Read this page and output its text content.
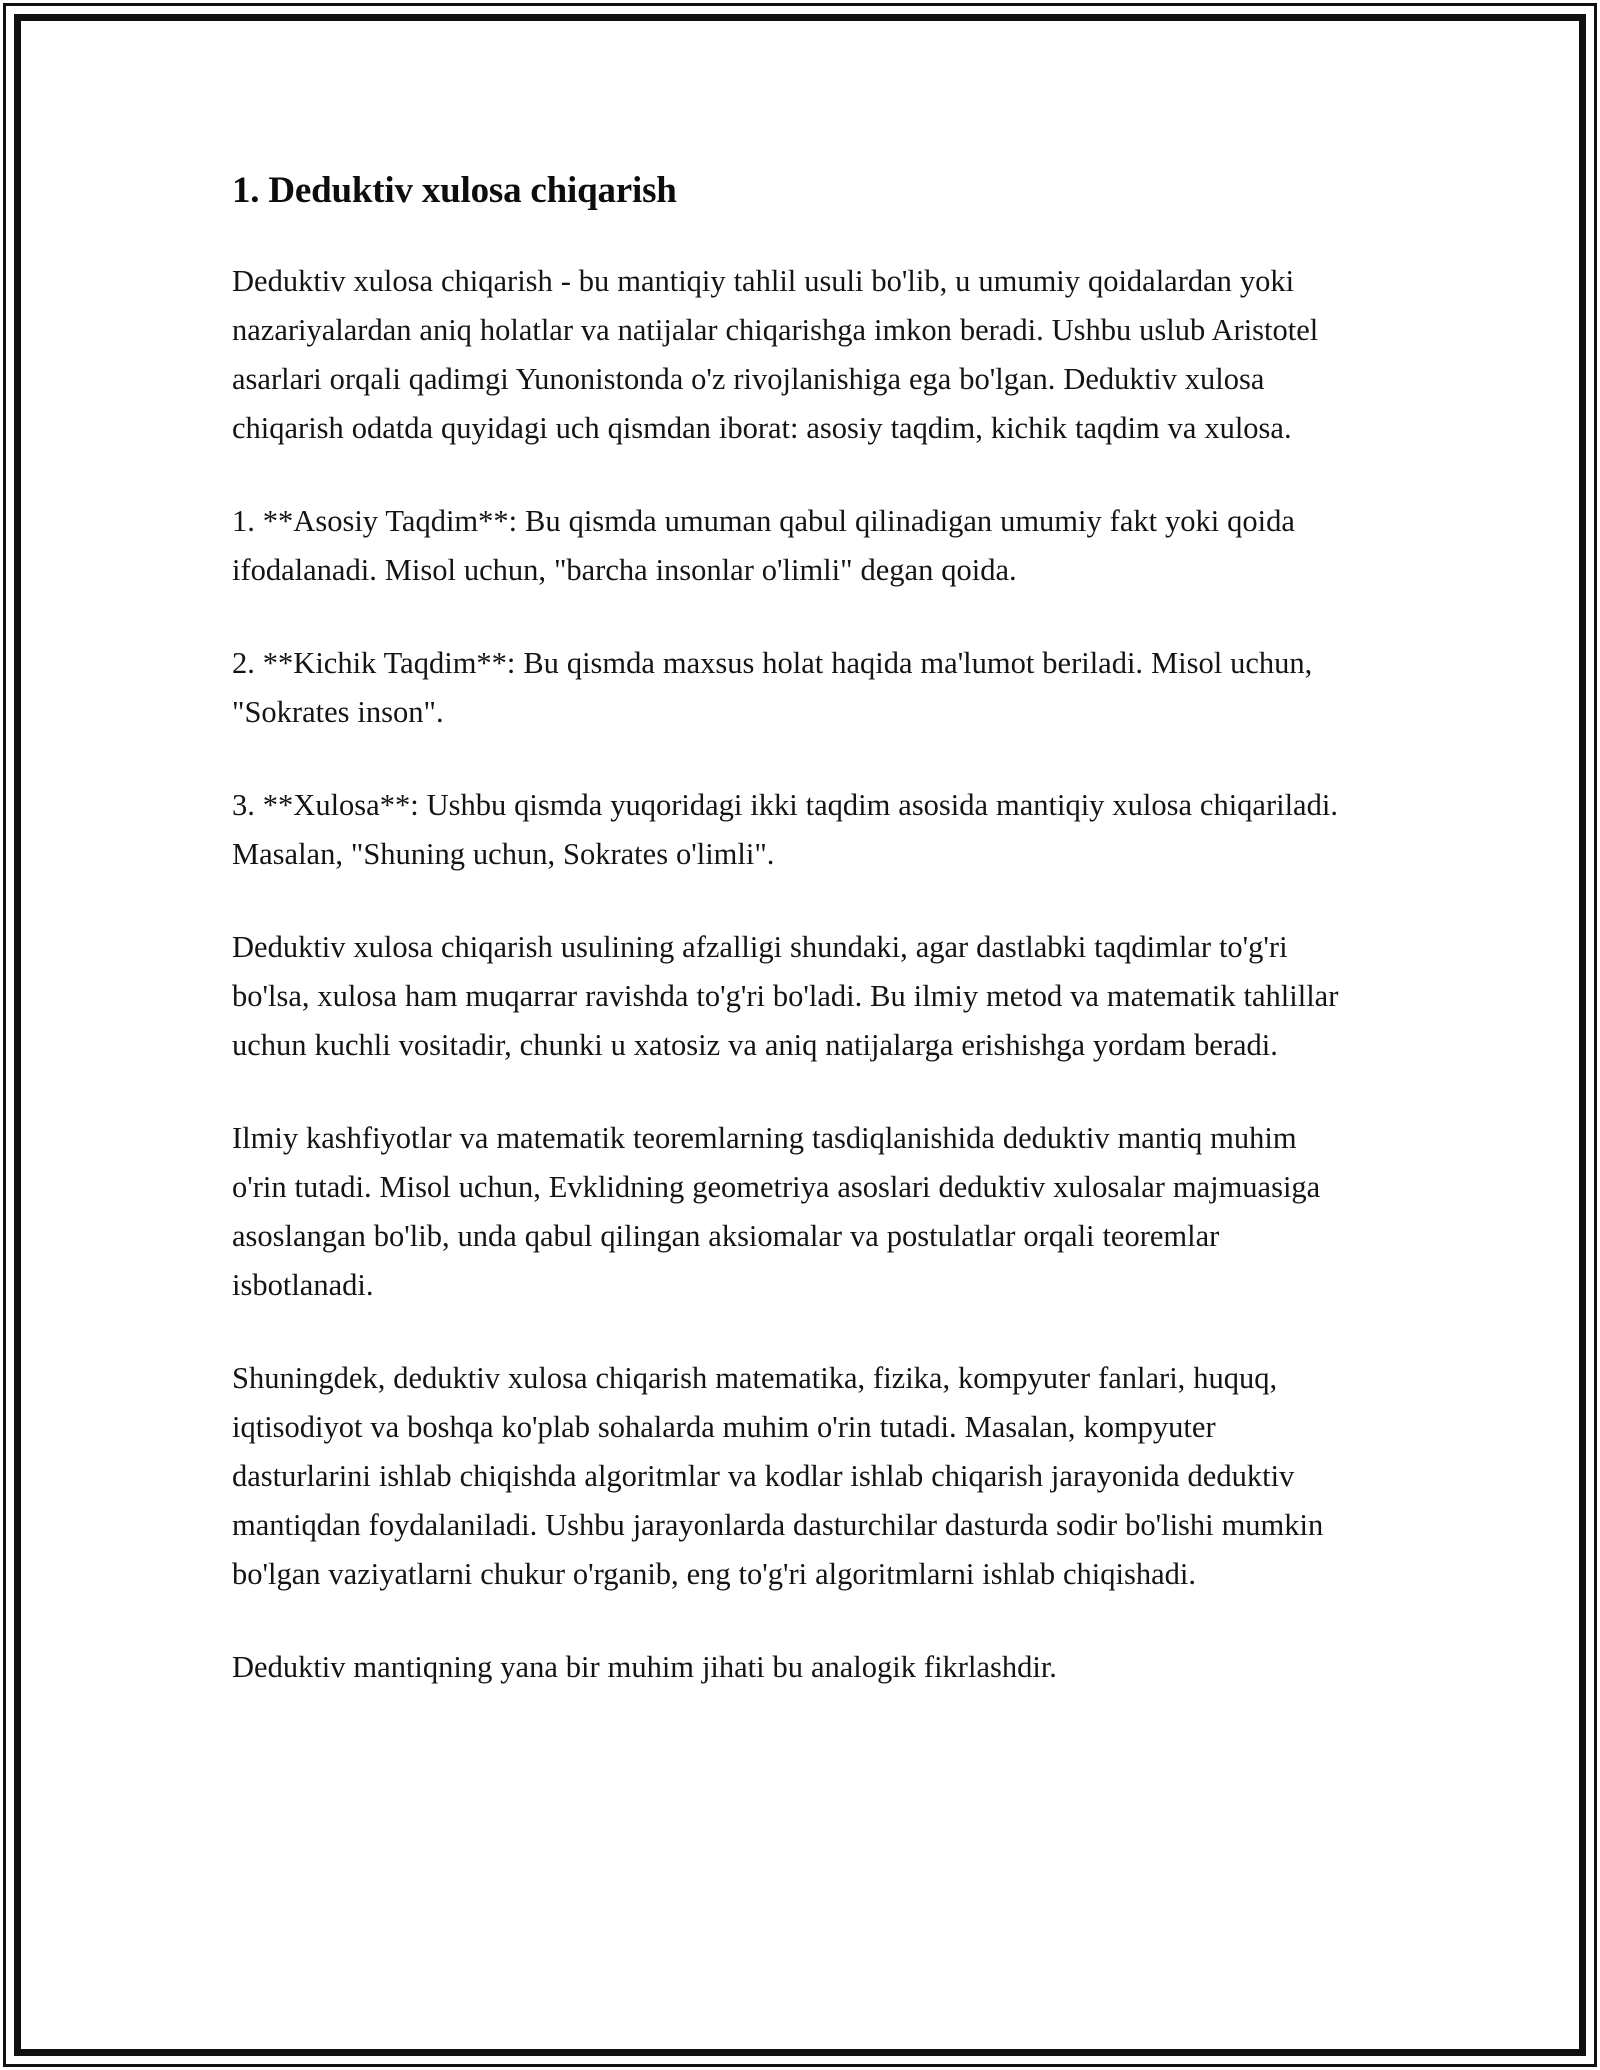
1. Deduktiv xulosa chiqarish

Deduktiv xulosa chiqarish - bu mantiqiy tahlil usuli bo'lib, u umumiy qoidalardan yoki nazariyalardan aniq holatlar va natijalar chiqarishga imkon beradi. Ushbu uslub Aristotel asarlari orqali qadimgi Yunonistonda o'z rivojlanishiga ega bo'lgan. Deduktiv xulosa chiqarish odatda quyidagi uch qismdan iborat: asosiy taqdim, kichik taqdim va xulosa.

1. **Asosiy Taqdim**: Bu qismda umuman qabul qilinadigan umumiy fakt yoki qoida ifodalanadi. Misol uchun, "barcha insonlar o'limli" degan qoida.

2. **Kichik Taqdim**: Bu qismda maxsus holat haqida ma'lumot beriladi. Misol uchun, "Sokrates inson".

3. **Xulosa**: Ushbu qismda yuqoridagi ikki taqdim asosida mantiqiy xulosa chiqariladi. Masalan, "Shuning uchun, Sokrates o'limli".

Deduktiv xulosa chiqarish usulining afzalligi shundaki, agar dastlabki taqdimlar to'g'ri bo'lsa, xulosa ham muqarrar ravishda to'g'ri bo'ladi. Bu ilmiy metod va matematik tahlillar uchun kuchli vositadir, chunki u xatosiz va aniq natijalarga erishishga yordam beradi.

Ilmiy kashfiyotlar va matematik teoremlarning tasdiqlanishida deduktiv mantiq muhim o'rin tutadi. Misol uchun, Evklidning geometriya asoslari deduktiv xulosalar majmuasiga asoslangan bo'lib, unda qabul qilingan aksiomalar va postulatlar orqali teoremlar isbotlanadi.

Shuningdek, deduktiv xulosa chiqarish matematika, fizika, kompyuter fanlari, huquq, iqtisodiyot va boshqa ko'plab sohalarda muhim o'rin tutadi. Masalan, kompyuter dasturlarini ishlab chiqishda algoritmlar va kodlar ishlab chiqarish jarayonida deduktiv mantiqdan foydalaniladi. Ushbu jarayonlarda dasturchilar dasturda sodir bo'lishi mumkin bo'lgan vaziyatlarni chukur o'rganib, eng to'g'ri algoritmlarni ishlab chiqishadi.

Deduktiv mantiqning yana bir muhim jihati bu analogik fikrlashdir.
